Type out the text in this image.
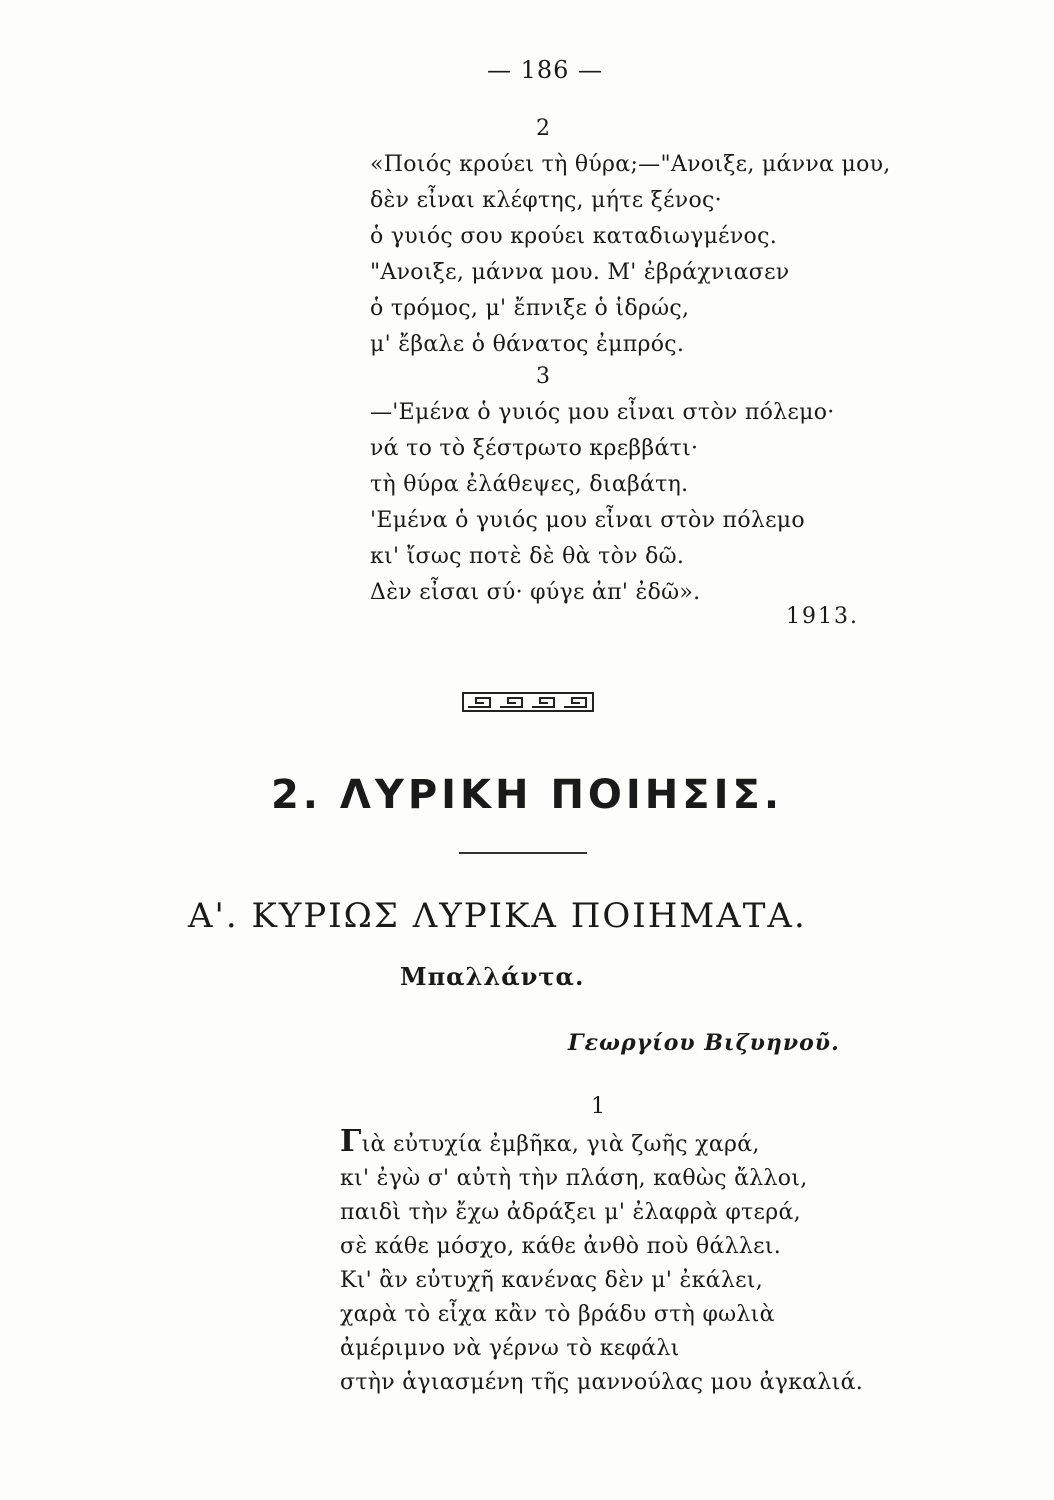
— 186 —
2
«Ποιός κρούει τὴ θύρα;—"Ανοιξε, μάννα μου,
δὲν εἶναι κλέφτης, μήτε ξένος·
ὁ γυιός σου κρούει καταδιωγμένος.
"Ανοιξε, μάννα μου. Μ' ἐβράχνιασεν
ὁ τρόμος, μ' ἔπνιξε ὁ ἱδρώς,
μ' ἔβαλε ὁ θάνατος ἐμπρός.
3
—'Εμένα ὁ γυιός μου εἶναι στὸν πόλεμο·
νά το τὸ ξέστρωτο κρεββάτι·
τὴ θύρα ἐλάθεψες, διαβάτη.
'Εμένα ὁ γυιός μου εἶναι στὸν πόλεμο
κι' ἴσως ποτὲ δὲ θὰ τὸν δῶ.
Δὲν εἶσαι σύ· φύγε ἀπ' ἐδῶ».
1913.
2. ΛΥΡΙΚΗ ΠΟΙΗΣΙΣ.
Α'. ΚΥΡΙΩΣ ΛΥΡΙΚΑ ΠΟΙΗΜΑΤΑ.
Μπαλλάντα.
Γεωργίου Βιζυηνοῦ.
1
Γιὰ εὐτυχία ἐμβῆκα, γιὰ ζωῆς χαρά,
κι' ἐγὼ σ' αὐτὴ τὴν πλάση, καθὼς ἄλλοι,
παιδὶ τὴν ἔχω ἀδράξει μ' ἐλαφρὰ φτερά,
σὲ κάθε μόσχο, κάθε ἀνθὸ ποὺ θάλλει.
Κι' ἂν εὐτυχῆ κανένας δὲν μ' ἐκάλει,
χαρὰ τὸ εἶχα κἂν τὸ βράδυ στὴ φωλιὰ
ἀμέριμνο νὰ γέρνω τὸ κεφάλι
στὴν ἁγιασμένη τῆς μαννούλας μου ἀγκαλιά.
